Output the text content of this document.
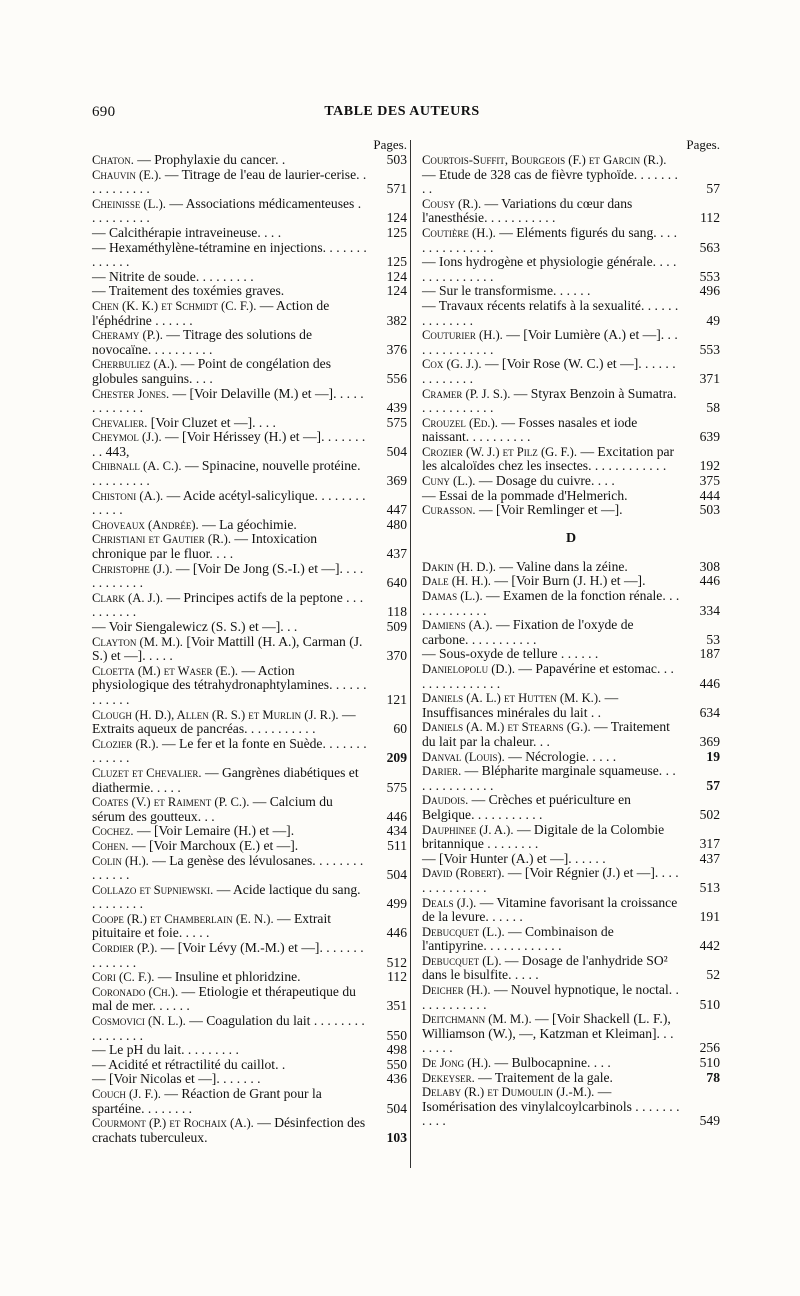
690	TABLE DES AUTEURS
Pages.

Chaton. — Prophylaxie du cancer. .	503

Chauvin (E.). — Titrage de l'eau de laurier-cerise. . . . . . . . . . .	571

Cheinisse (L.). — Associations médicamenteuses . . . . . . . . . .	124

— Calcithérapie intraveineuse. . . .	125

— Hexaméthylène-tétramine en injections. . . . . . . . . . . . .	125

— Nitrite de soude. . . . . . . . .	124

— Traitement des toxémies graves.	124

Chen (K. K.) et Schmidt (C. F.). — Action de l'éphédrine . . . . . .	382

Cheramy (P.). — Titrage des solutions de novocaïne. . . . . . . . . .	376

Cherbuliez (A.). — Point de congélation des globules sanguins. . . .	556

Chester Jones. — [Voir Delaville (M.) et —]. . . . . . . . . . . . .	439

Chevalier. [Voir Cluzet et —]. . . .	575

Cheymol (J.). — [Voir Hérissey (H.) et —]. . . . . . . . . 443,	504

Chibnall (A. C.). — Spinacine, nouvelle protéine. . . . . . . . . .	369

Chistoni (A.). — Acide acétyl-salicylique. . . . . . . . . . . . .	447

Choveaux (Andrée). — La géochimie.	480

Christiani et Gautier (R.). — Intoxication chronique par le fluor. . . .	437

Christophe (J.). — [Voir De Jong (S.-I.) et —]. . . . . . . . . . . .	640

Clark (A. J.). — Principes actifs de la peptone . . . . . . . . . .	118

— Voir Siengalewicz (S. S.) et —]. . .	509

Clayton (M. M.). [Voir Mattill (H. A.), Carman (J. S.) et —]. . . . .	370

Cloetta (M.) et Waser (E.). — Action physiologique des tétrahydronaphtylamines. . . . . . . . . . . .	121

Clough (H. D.), Allen (R. S.) et Murlin (J. R.). — Extraits aqueux de pancréas. . . . . . . . . . .	60

Clozier (R.). — Le fer et la fonte en Suède. . . . . . . . . . . . .	209

Cluzet et Chevalier. — Gangrènes diabétiques et diathermie. . . . .	575

Coates (V.) et Raiment (P. C.). — Calcium du sérum des goutteux. . .	446

Cochez. — [Voir Lemaire (H.) et —].	434

Cohen. — [Voir Marchoux (E.) et —].	511

Colin (H.). — La genèse des lévulosanes. . . . . . . . . . . . . .	504

Collazo et Supniewski. — Acide lactique du sang. . . . . . . . .	499

Coope (R.) et Chamberlain (E. N.). — Extrait pituitaire et foie. . . . .	446

Cordier (P.). — [Voir Lévy (M.-M.) et —]. . . . . . . . . . . . . .	512

Cori (C. F.). — Insuline et phloridzine.	112

Coronado (Ch.). — Etiologie et thérapeutique du mal de mer. . . . . .	351

Cosmovici (N. L.). — Coagulation du lait . . . . . . . . . . . . . . . .	550

— Le pH du lait. . . . . . . . .	498

— Acidité et rétractilité du caillot. .	550

— [Voir Nicolas et —]. . . . . . .	436

Couch (J. F.). — Réaction de Grant pour la spartéine. . . . . . . .	504

Courmont (P.) et Rochaix (A.). — Désinfection des crachats tuberculeux.	103

Pages.

Courtois-Suffit, Bourgeois (F.) et Garcin (R.). — Etude de 328 cas de fièvre typhoïde. . . . . . . . .	57

Cousy (R.). — Variations du cœur dans l'anesthésie. . . . . . . . . . .	112

Coutière (H.). — Eléments figurés du sang. . . . . . . . . . . . . . .	563

— Ions hydrogène et physiologie générale. . . . . . . . . . . . . . .	553

— Sur le transformisme. . . . . .	496

— Travaux récents relatifs à la sexualité. . . . . . . . . . . . . .	49

Couturier (H.). — [Voir Lumière (A.) et —]. . . . . . . . . . . . . .	553

Cox (G. J.). — [Voir Rose (W. C.) et —]. . . . . . . . . . . . . .	371

Cramer (P. J. S.). — Styrax Benzoin à Sumatra. . . . . . . . . . . .	58

Crouzel (Ed.). — Fosses nasales et iode naissant. . . . . . . . . .	639

Crozier (W. J.) et Pilz (G. F.). — Excitation par les alcaloïdes chez les insectes. . . . . . . . . . . . 192

Cuny (L.). — Dosage du cuivre. . . .	375

— Essai de la pommade d'Helmerich.	444

Curasson. — [Voir Remlinger et —].	503

D

Dakin (H. D.). — Valine dans la zéine.	308

Dale (H. H.). — [Voir Burn (J. H.) et —].	446

Damas (L.). — Examen de la fonction rénale. . . . . . . . . . . . .	334

Damiens (A.). — Fixation de l'oxyde de carbone. . . . . . . . . . .	53

— Sous-oxyde de tellure . . . . . .	187

Danielopolu (D.). — Papavérine et estomac. . . . . . . . . . . . . . .	446

Daniels (A. L.) et Hutten (M. K.). — Insuffisances minérales du lait . .	634

Daniels (A. M.) et Stearns (G.). — Traitement du lait par la chaleur. . .	369

Danval (Louis). — Nécrologie. . . . .	19

Darier. — Blépharite marginale squameuse. . . . . . . . . . . . . .	57

Daudois. — Crèches et puériculture en Belgique. . . . . . . . . . .	502

Dauphinee (J. A.). — Digitale de la Colombie britannique . . . . . . . .	317

— [Voir Hunter (A.) et —]. . . . . .	437

David (Robert). — [Voir Régnier (J.) et —]. . . . . . . . . . . . . .	513

Deals (J.). — Vitamine favorisant la croissance de la levure. . . . . .	191

Debucquet (L.). — Combinaison de l'antipyrine. . . . . . . . . . . .	442

Debucquet (L). — Dosage de l'anhydride SO² dans le bisulfite. . . . .	52

Deicher (H.). — Nouvel hypnotique, le noctal. . . . . . . . . . . .	510

Deitchmann (M. M.). — [Voir Shackell (L. F.), Williamson (W.), —, Katzman et Kleiman]. . . . . . . .	256

De Jong (H.). — Bulbocapnine. . . .	510

Dekeyser. — Traitement de la gale.	78

Delaby (R.) et Dumoulin (J.-M.). — Isomérisation des vinylalcoylcarbinols . . . . . . . . . . .	549
